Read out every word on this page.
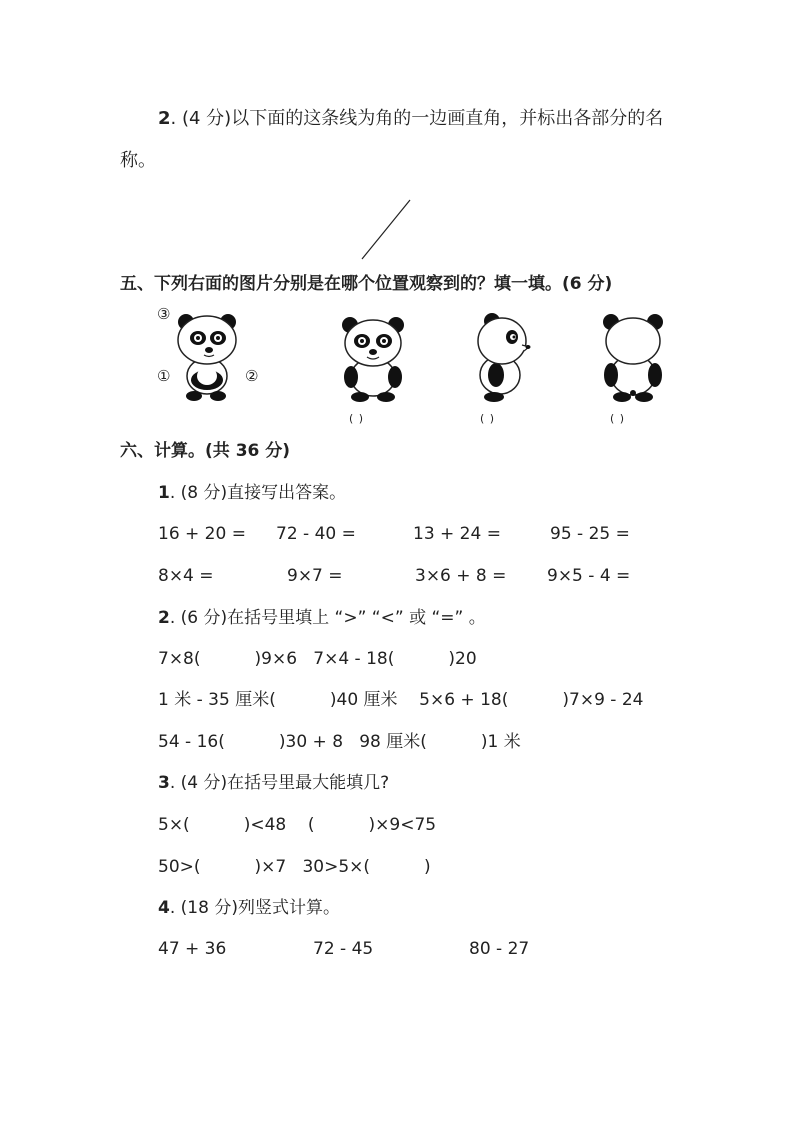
2. (4 分)以下面的这条线为角的一边画直角，并标出各部分的名
称。
五、下列右面的图片分别是在哪个位置观察到的？填一填。(6 分)
③
①	②
( )	( )	( )
六、计算。(共 36 分)
1. (8 分)直接写出答案。
16 + 20 = 72 - 40 =	13 + 24 =	95 - 25 =
8×4 =	9×7 =	3×6 + 8 = 9×5 - 4 =
2. (6 分)在括号里填上 “>” “<” 或 “=” 。
7×8(          )9×6   7×4 - 18(          )20
1 米 - 35 厘米(          )40 厘米    5×6 + 18(          )7×9 - 24
54 - 16(          )30 + 8   98 厘米(          )1 米
3. (4 分)在括号里最大能填几?
5×(          )<48    (          )×9<75
50>(          )×7   30>5×(          )
4. (18 分)列竖式计算。
47 + 36	72 - 45	80 - 27
